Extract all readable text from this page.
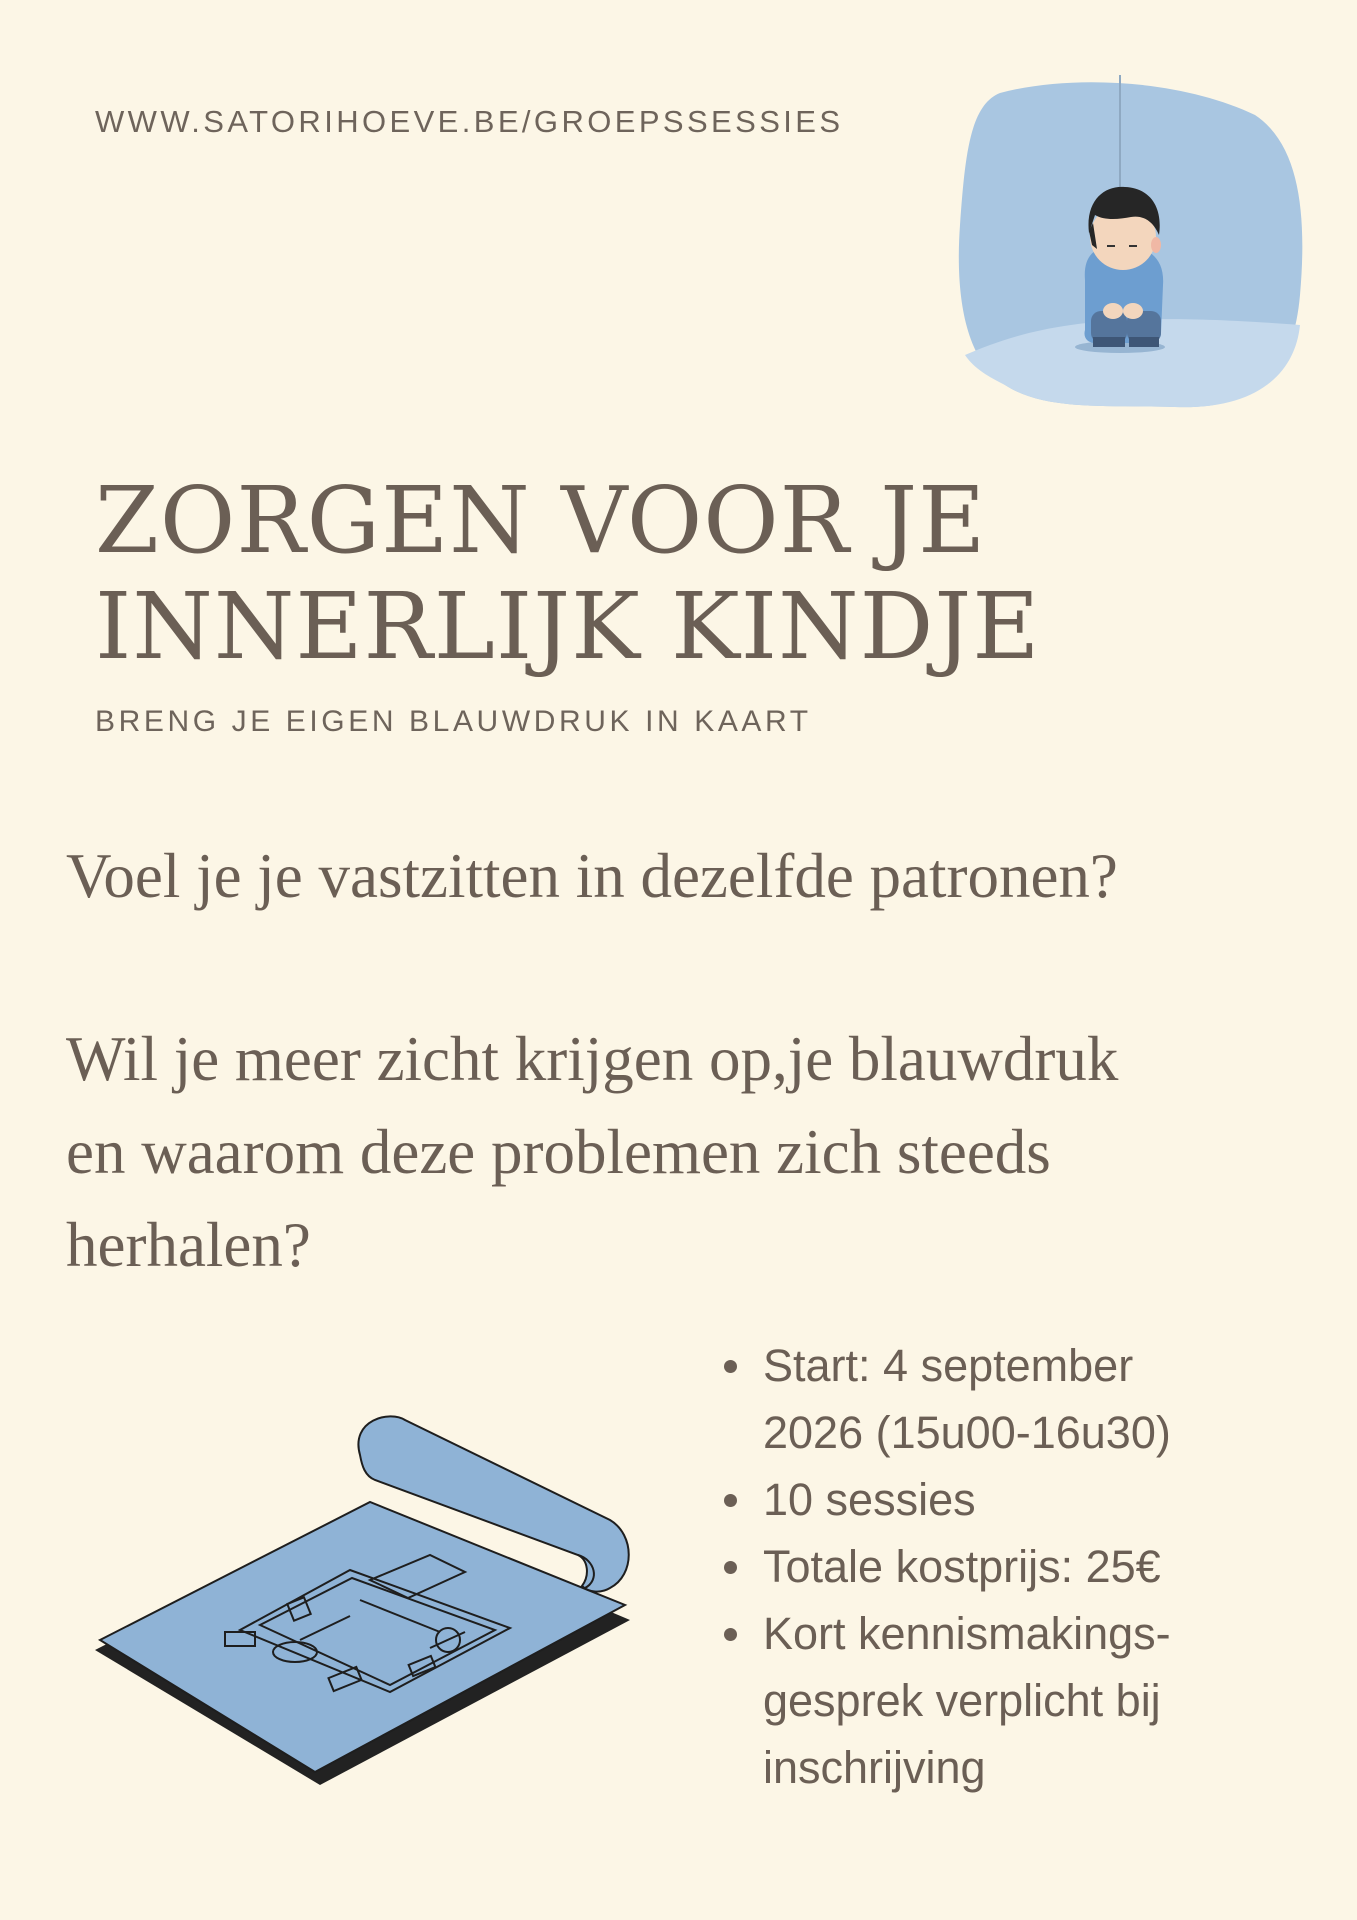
WWW.SATORIHOEVE.BE/GROEPSSESSIES
ZORGEN VOOR JE
INNERLIJK KINDJE
BRENG JE EIGEN BLAUWDRUK IN KAART

Voel je je vastzitten in dezelfde patronen?

Wil je meer zicht krijgen op,je blauwdruk
en waarom deze problemen zich steeds
herhalen?

Start: 4 september
2026 (15u00-16u30)
10 sessies
Totale kostprijs: 25€
Kort kennismakings-
gesprek verplicht bij
inschrijving
